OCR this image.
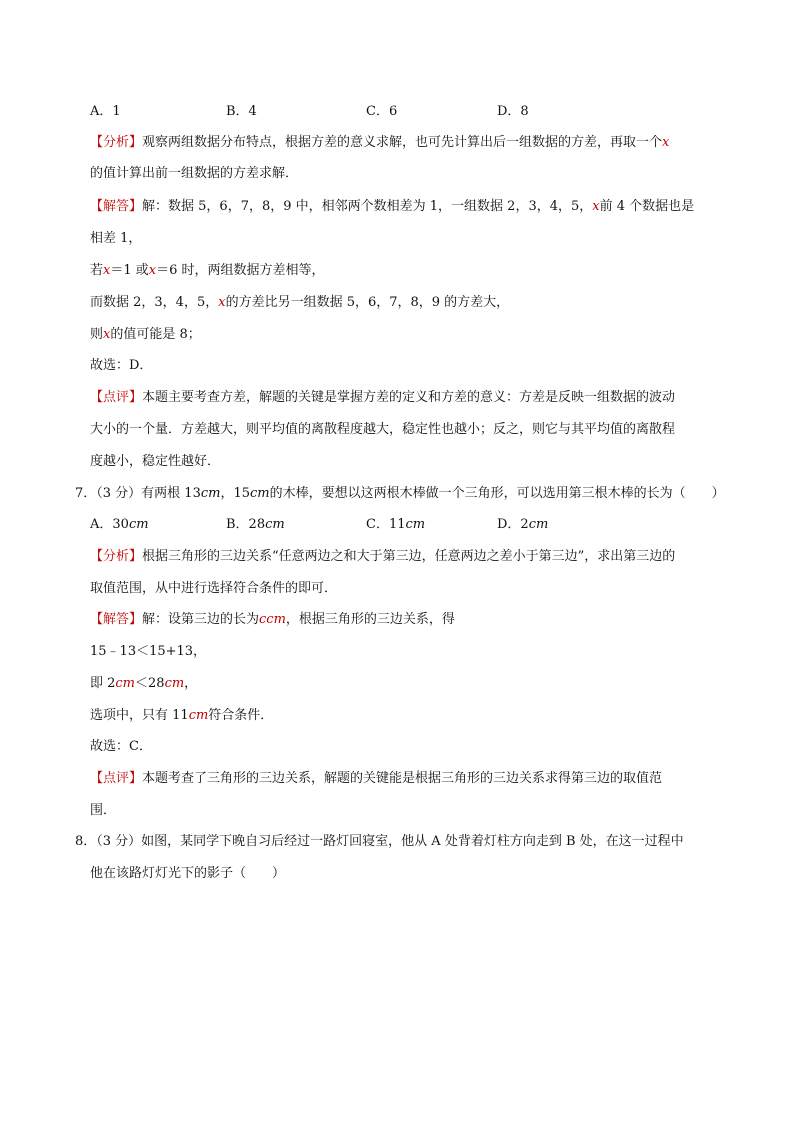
A．1	B．4	C．6	D．8
【分析】观察两组数据分布特点，根据方差的意义求解，也可先计算出后一组数据的方差，再取一个x
的值计算出前一组数据的方差求解．
【解答】解：数据 5，6，7，8，9 中，相邻两个数相差为 1，一组数据 2，3，4，5，x前 4 个数据也是
相差 1，
若x＝1 或x＝6 时，两组数据方差相等，
而数据 2，3，4，5，x的方差比另一组数据 5，6，7，8，9 的方差大，
则x的值可能是 8；
故选：D．
【点评】本题主要考查方差，解题的关键是掌握方差的定义和方差的意义：方差是反映一组数据的波动
大小的一个量．方差越大，则平均值的离散程度越大，稳定性也越小；反之，则它与其平均值的离散程
度越小，稳定性越好．
7．（3 分）有两根 13cm，15cm的木棒，要想以这两根木棒做一个三角形，可以选用第三根木棒的长为（　　）
A．30cm	B．28cm	C．11cm	D．2cm
【分析】根据三角形的三边关系“任意两边之和大于第三边，任意两边之差小于第三边”，求出第三边的
取值范围，从中进行选择符合条件的即可．
【解答】解：设第三边的长为ccm，根据三角形的三边关系，得
15﹣13＜15+13，
即 2cm＜28cm，
选项中，只有 11cm符合条件．
故选：C．
【点评】本题考查了三角形的三边关系，解题的关键能是根据三角形的三边关系求得第三边的取值范
围．
8．（3 分）如图，某同学下晚自习后经过一路灯回寝室，他从 A 处背着灯柱方向走到 B 处，在这一过程中
他在该路灯灯光下的影子（　　）
